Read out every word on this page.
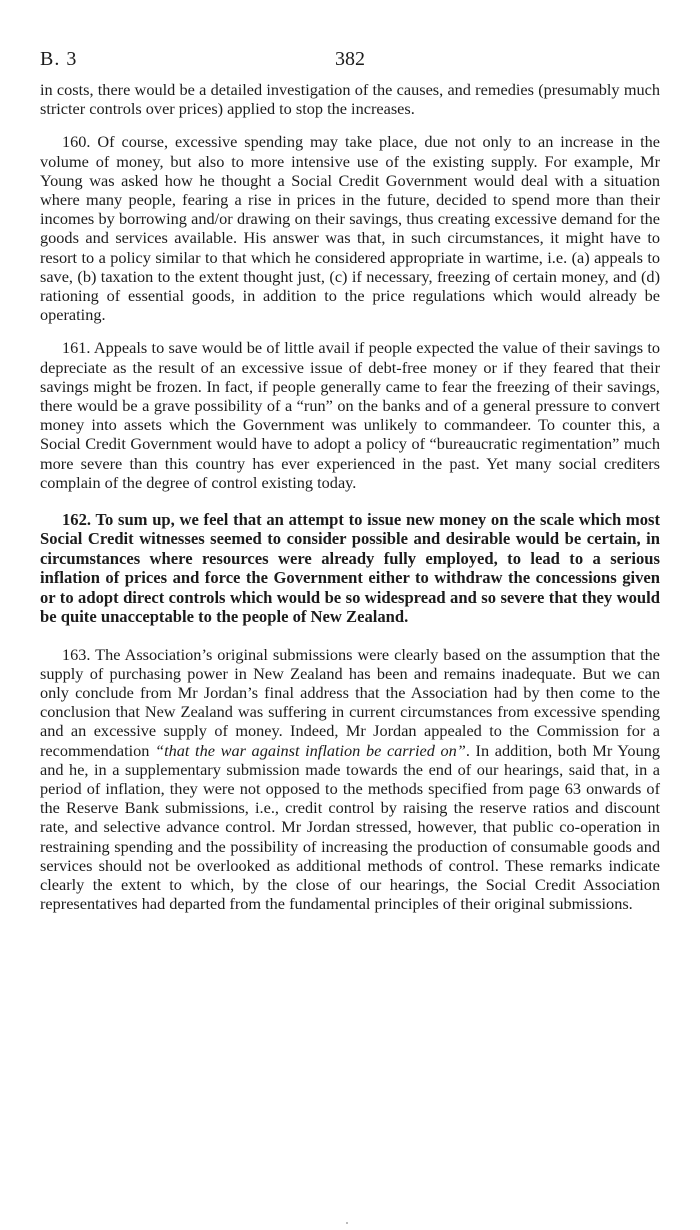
B. 3	382

in costs, there would be a detailed investigation of the causes, and remedies (presumably much stricter controls over prices) applied to stop the increases.

160. Of course, excessive spending may take place, due not only to an increase in the volume of money, but also to more intensive use of the existing supply. For example, Mr Young was asked how he thought a Social Credit Government would deal with a situation where many people, fearing a rise in prices in the future, decided to spend more than their incomes by borrowing and/or drawing on their savings, thus creating excessive demand for the goods and services available. His answer was that, in such circumstances, it might have to resort to a policy similar to that which he considered appropriate in wartime, i.e. (a) appeals to save, (b) taxation to the extent thought just, (c) if necessary, freezing of certain money, and (d) rationing of essential goods, in addition to the price regulations which would already be operating.

161. Appeals to save would be of little avail if people expected the value of their savings to depreciate as the result of an excessive issue of debt-free money or if they feared that their savings might be frozen. In fact, if people generally came to fear the freezing of their savings, there would be a grave possibility of a “run” on the banks and of a general pressure to convert money into assets which the Government was unlikely to commandeer. To counter this, a Social Credit Government would have to adopt a policy of “bureaucratic regimentation” much more severe than this country has ever experienced in the past. Yet many social crediters complain of the degree of control existing today.

162. To sum up, we feel that an attempt to issue new money on the scale which most Social Credit witnesses seemed to consider possible and desirable would be certain, in circumstances where resources were already fully employed, to lead to a serious inflation of prices and force the Government either to withdraw the concessions given or to adopt direct controls which would be so widespread and so severe that they would be quite unacceptable to the people of New Zealand.

163. The Association’s original submissions were clearly based on the assumption that the supply of purchasing power in New Zealand has been and remains inadequate. But we can only conclude from Mr Jordan’s final address that the Association had by then come to the conclusion that New Zealand was suffering in current circumstances from excessive spending and an excessive supply of money. Indeed, Mr Jordan appealed to the Commission for a recommendation “that the war against inflation be carried on”. In addition, both Mr Young and he, in a supplementary submission made towards the end of our hearings, said that, in a period of inflation, they were not opposed to the methods specified from page 63 onwards of the Reserve Bank submissions, i.e., credit control by raising the reserve ratios and discount rate, and selective advance control. Mr Jordan stressed, however, that public co-operation in restraining spending and the possibility of increasing the production of consumable goods and services should not be overlooked as additional methods of control. These remarks indicate clearly the extent to which, by the close of our hearings, the Social Credit Association representatives had departed from the fundamental principles of their original submissions.
